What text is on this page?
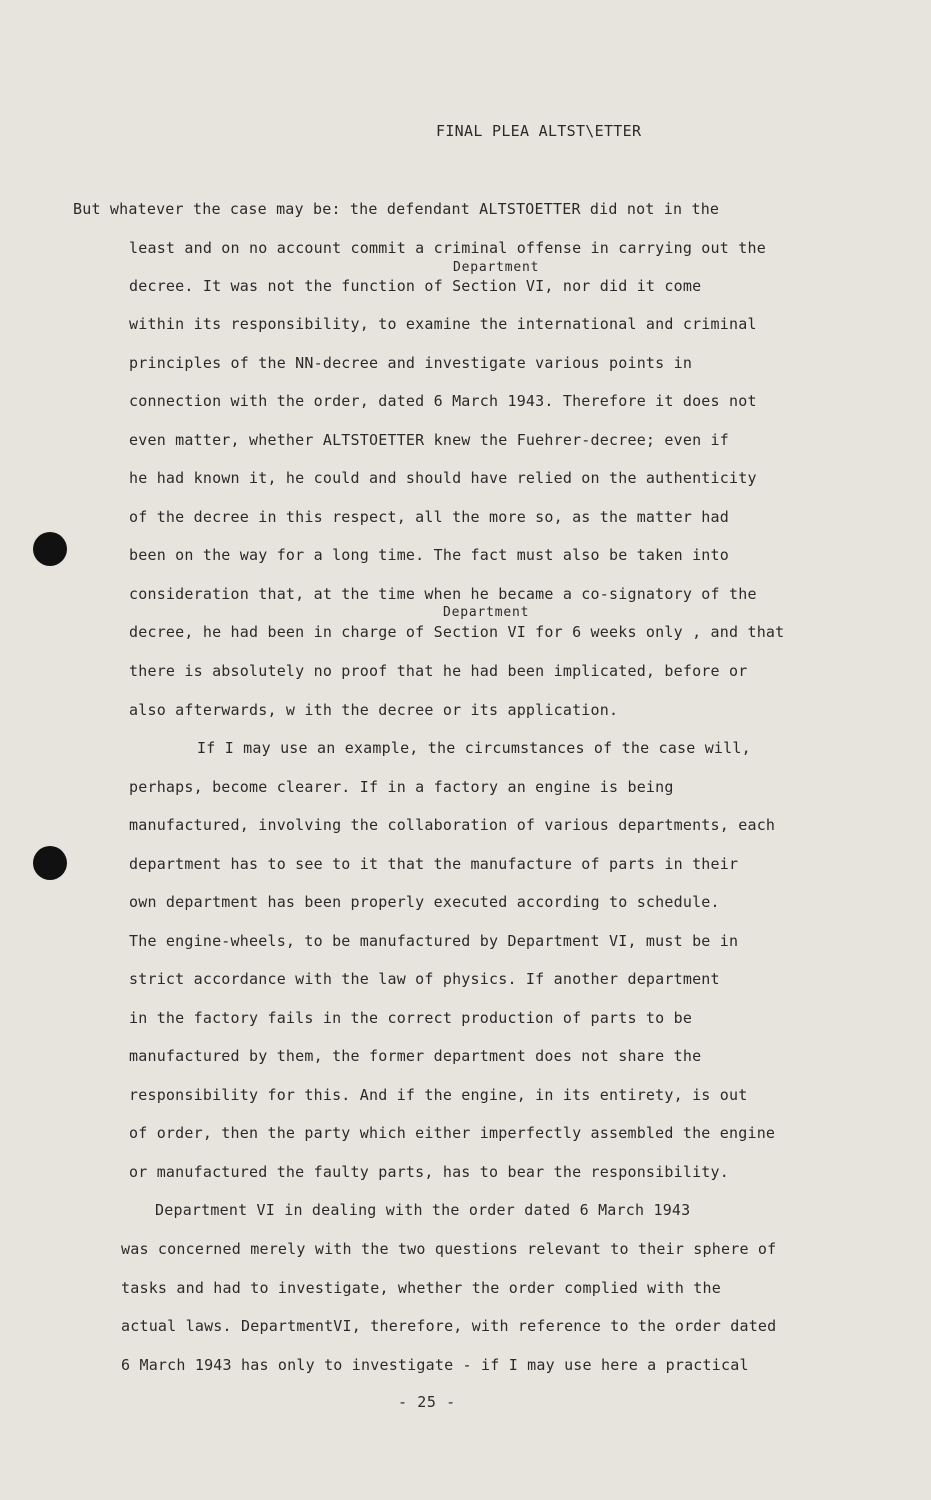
FINAL PLEA ALTST\ETTER
But whatever the case may be: the defendant ALTSTOETTER did not in the
least and on no account commit a criminal offense in carrying out the
Department
decree. It was not the function of Section VI, nor did it come
within its responsibility, to examine the international and criminal
principles of the NN-decree and investigate various points in
connection with the order, dated 6 March 1943. Therefore it does not
even matter, whether ALTSTOETTER knew the Fuehrer-decree; even if
he had known it, he could and should have relied on the authenticity
of the decree in this respect, all the more so, as the matter had
been on the way for a long time. The fact must also be taken into
consideration that, at the time when he became a co-signatory of the
Department
decree, he had been in charge of Section VI for 6 weeks only , and that
there is absolutely no proof that he had been implicated, before or
also afterwards, w ith the decree or its application.
If I may use an example, the circumstances of the case will,
perhaps, become clearer. If in a factory an engine is being
manufactured, involving the collaboration of various departments, each
department has to see to it that the manufacture of parts in their
own department has been properly executed according to schedule.
The engine-wheels, to be manufactured by Department VI, must be in
strict accordance with the law of physics. If another department
in the factory fails in the correct production of parts to be
manufactured by them, the former department does not share the
responsibility for this. And if the engine, in its entirety, is out
of order, then the party which either imperfectly assembled the engine
or manufactured the faulty parts, has to bear the responsibility.
Department VI in dealing with the order dated 6 March 1943
was concerned merely with the two questions relevant to their sphere of
tasks and had to investigate, whether the order complied with the
actual laws. DepartmentVI, therefore, with reference to the order dated
6 March 1943 has only to investigate - if I may use here a practical
- 25 -
